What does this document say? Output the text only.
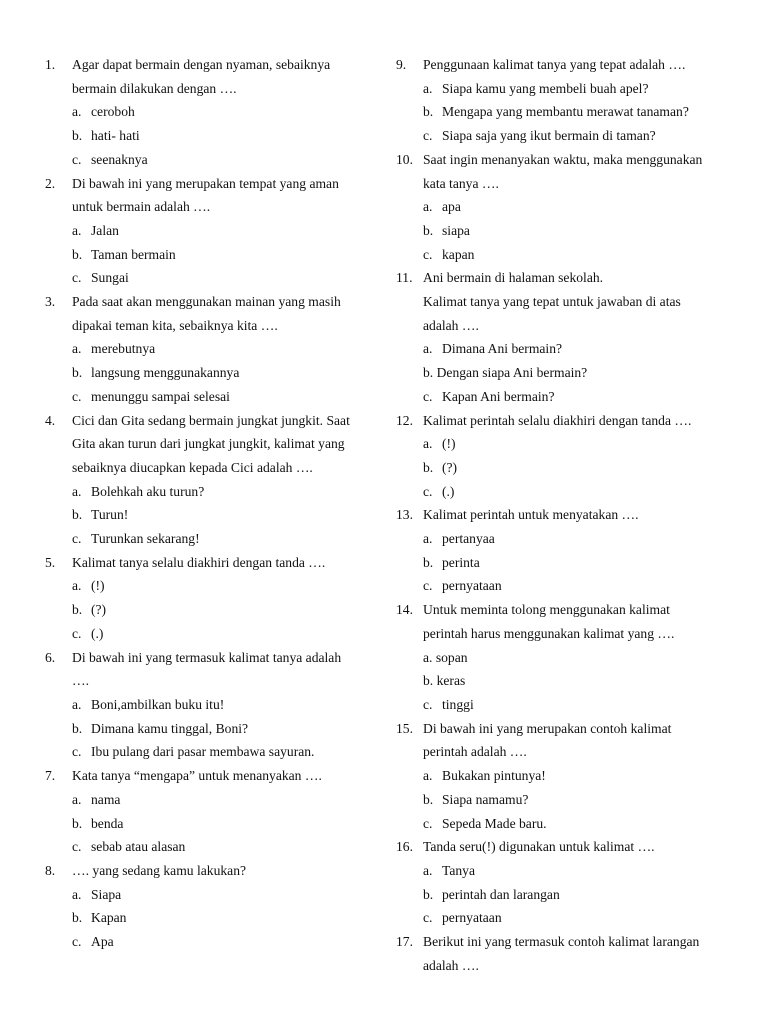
1. Agar dapat bermain dengan nyaman, sebaiknya
bermain dilakukan dengan ….
a. ceroboh
b. hati- hati
c. seenaknya
2. Di bawah ini yang merupakan tempat yang aman
untuk bermain adalah ….
a. Jalan
b. Taman bermain
c. Sungai
3. Pada saat akan menggunakan mainan yang masih
dipakai teman kita, sebaiknya kita ….
a. merebutnya
b. langsung menggunakannya
c. menunggu sampai selesai
4. Cici dan Gita sedang bermain jungkat jungkit. Saat
Gita akan turun dari jungkat jungkit, kalimat yang
sebaiknya diucapkan kepada Cici adalah ….
a. Bolehkah aku turun?
b. Turun!
c. Turunkan sekarang!
5. Kalimat tanya selalu diakhiri dengan tanda ….
a. (!)
b. (?)
c. (.)
6. Di bawah ini yang termasuk kalimat tanya adalah
….
a. Boni,ambilkan buku itu!
b. Dimana kamu tinggal, Boni?
c. Ibu pulang dari pasar membawa sayuran.
7. Kata tanya “mengapa” untuk menanyakan ….
a. nama
b. benda
c. sebab atau alasan
8. …. yang sedang kamu lakukan?
a. Siapa
b. Kapan
c. Apa
9. Penggunaan kalimat tanya yang tepat adalah ….
a. Siapa kamu yang membeli buah apel?
b. Mengapa yang membantu merawat tanaman?
c. Siapa saja yang ikut bermain di taman?
10. Saat ingin menanyakan waktu, maka menggunakan
kata tanya ….
a. apa
b. siapa
c. kapan
11. Ani bermain di halaman sekolah.
Kalimat tanya yang tepat untuk jawaban di atas
adalah ….
a. Dimana Ani bermain?
b. Dengan siapa Ani bermain?
c. Kapan Ani bermain?
12. Kalimat perintah selalu diakhiri dengan tanda ….
a. (!)
b. (?)
c. (.)
13. Kalimat perintah untuk menyatakan ….
a. pertanyaa
b. perinta
c. pernyataan
14. Untuk meminta tolong menggunakan kalimat
perintah harus menggunakan kalimat yang ….
a. sopan
b. keras
c. tinggi
15. Di bawah ini yang merupakan contoh kalimat
perintah adalah ….
a. Bukakan pintunya!
b. Siapa namamu?
c. Sepeda Made baru.
16. Tanda seru(!) digunakan untuk kalimat ….
a. Tanya
b. perintah dan larangan
c. pernyataan
17. Berikut ini yang termasuk contoh kalimat larangan
adalah ….
